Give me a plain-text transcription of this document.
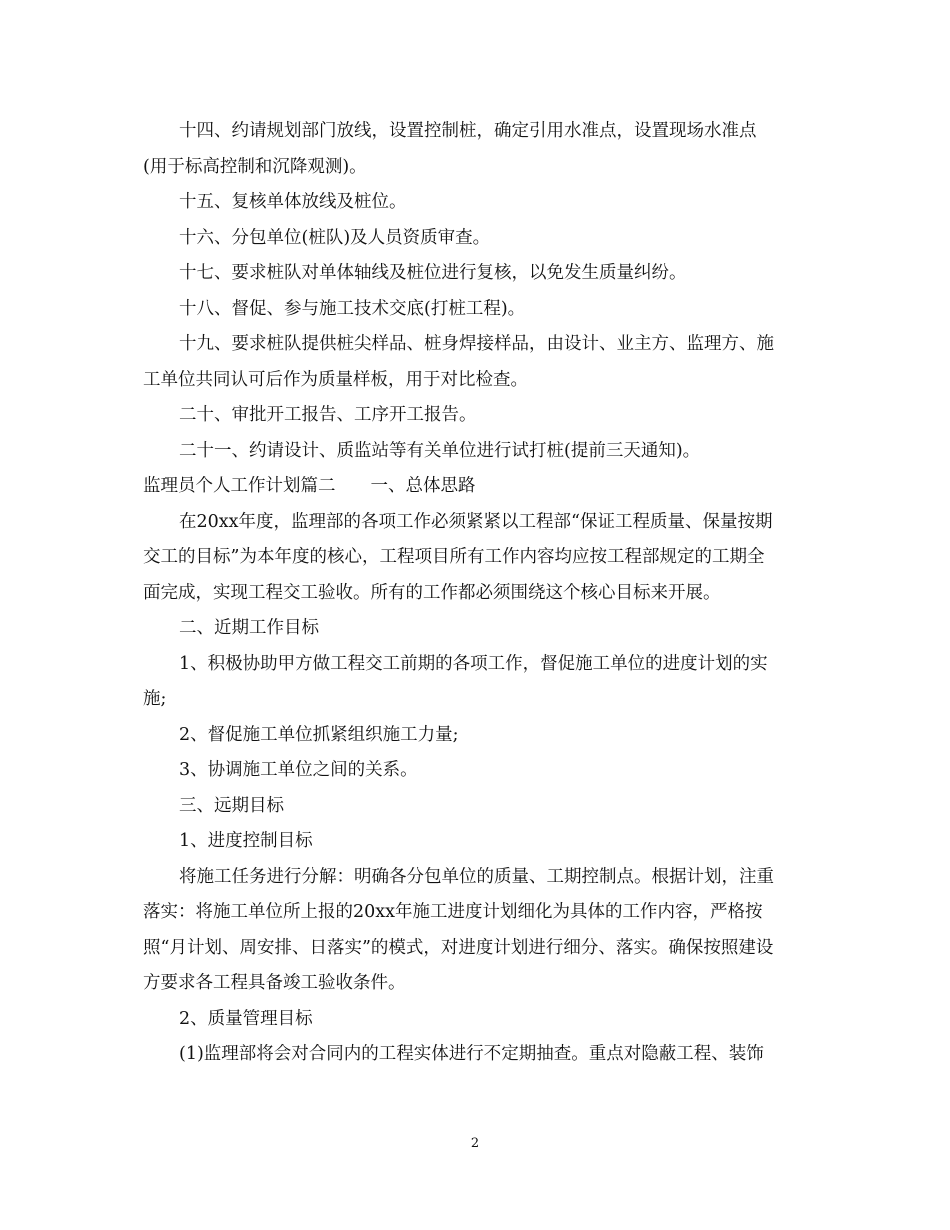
十四、约请规划部门放线，设置控制桩，确定引用水准点，设置现场水准点

(用于标高控制和沉降观测)。

十五、复核单体放线及桩位。

十六、分包单位(桩队)及人员资质审查。

十七、要求桩队对单体轴线及桩位进行复核，以免发生质量纠纷。

十八、督促、参与施工技术交底(打桩工程)。

十九、要求桩队提供桩尖样品、桩身焊接样品，由设计、业主方、监理方、施

工单位共同认可后作为质量样板，用于对比检查。

二十、审批开工报告、工序开工报告。

二十一、约请设计、质监站等有关单位进行试打桩(提前三天通知)。

监理员个人工作计划篇二　　一、总体思路

在20xx年度，监理部的各项工作必须紧紧以工程部“保证工程质量、保量按期

交工的目标”为本年度的核心，工程项目所有工作内容均应按工程部规定的工期全

面完成，实现工程交工验收。所有的工作都必须围绕这个核心目标来开展。

二、近期工作目标

1、积极协助甲方做工程交工前期的各项工作，督促施工单位的进度计划的实

施;

2、督促施工单位抓紧组织施工力量;

3、协调施工单位之间的关系。

三、远期目标

1、进度控制目标

将施工任务进行分解：明确各分包单位的质量、工期控制点。根据计划，注重

落实：将施工单位所上报的20xx年施工进度计划细化为具体的工作内容，严格按

照“月计划、周安排、日落实”的模式，对进度计划进行细分、落实。确保按照建设

方要求各工程具备竣工验收条件。

2、质量管理目标

(1)监理部将会对合同内的工程实体进行不定期抽查。重点对隐蔽工程、装饰

2
